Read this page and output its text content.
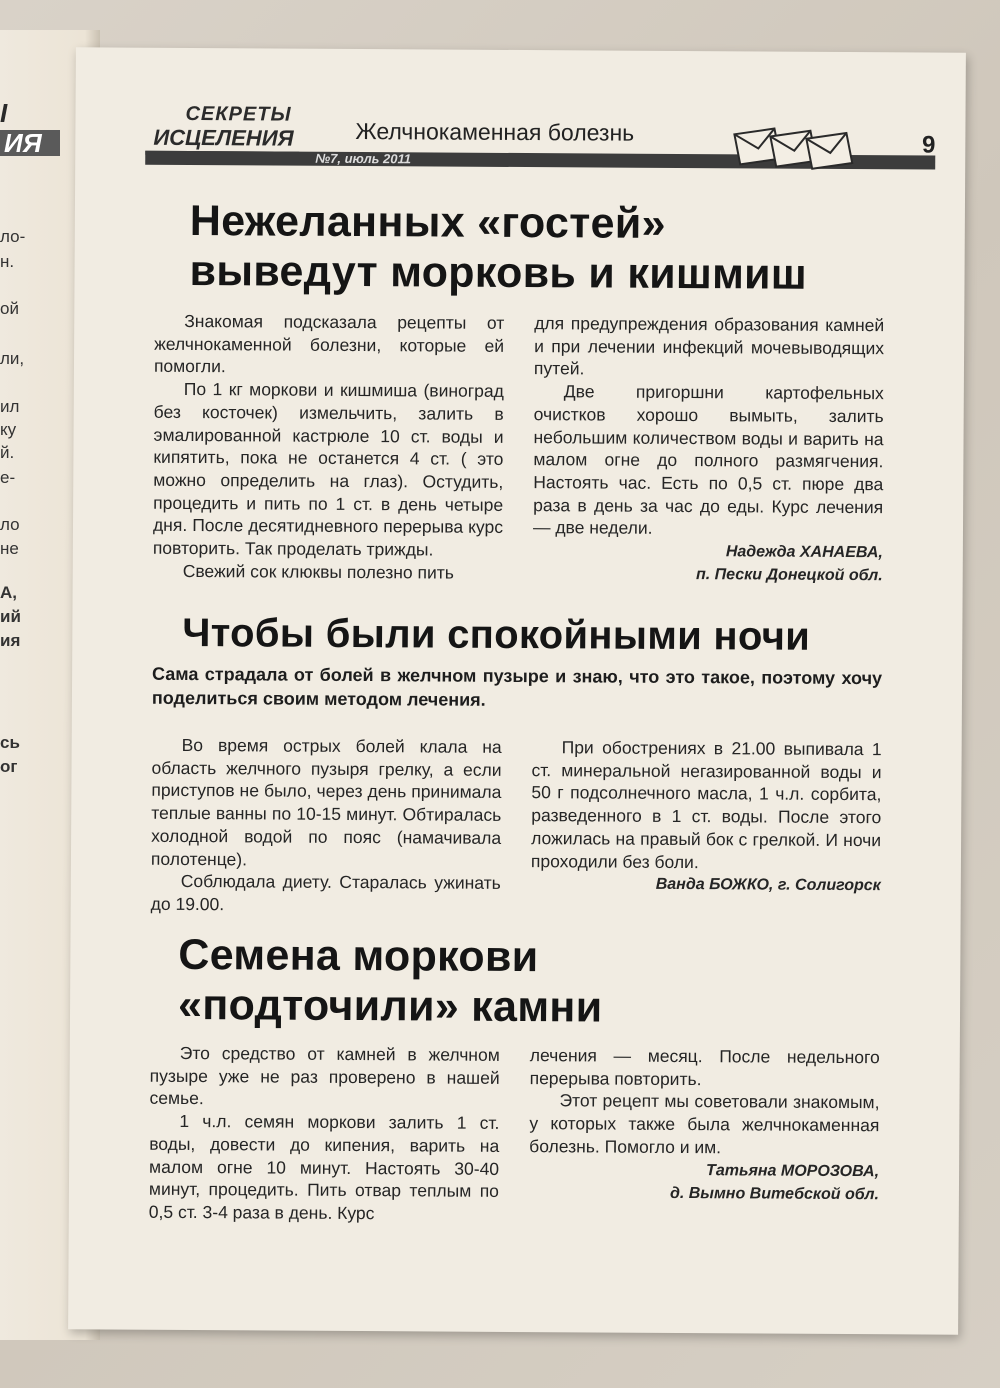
I
ИЯ
ло-
н.
ой
ли,
ил
ку
й.
е-
ло
не
А,
ий
ия
сь
ог
СЕКРЕТЫ
ИСЦЕЛЕНИЯ	Желчнокаменная болезнь
№7, июль 2011
9
Нежеланных «гостей»
выведут морковь и кишмиш

Знакомая подсказала рецепты от желчнокаменной болезни, которые ей помогли.

По 1 кг моркови и кишмиша (виноград без косточек) измельчить, залить в эмалированной кастрюле 10 ст. воды и кипятить, пока не останется 4 ст. ( это можно определить на глаз). Остудить, процедить и пить по 1 ст. в день четыре дня. После десятидневного перерыва курс повторить. Так проделать трижды.

Свежий сок клюквы полезно пить

для предупреждения образования камней и при лечении инфекций мочевыводящих путей.

Две пригоршни картофельных очистков хорошо вымыть, залить небольшим количеством воды и варить на малом огне до полного размягчения. Настоять час. Есть по 0,5 ст. пюре два раза в день за час до еды. Курс лечения — две недели.

Надежда ХАНАЕВА,
п. Пески Донецкой обл.
Чтобы были спокойными ночи
Сама страдала от болей в желчном пузыре и знаю, что это такое, поэтому хочу поделиться своим методом лечения.

Во время острых болей клала на область желчного пузыря грелку, а если приступов не было, через день принимала теплые ванны по 10-15 минут. Обтиралась холодной водой по пояс (намачивала полотенце).

Соблюдала диету. Старалась ужинать до 19.00.

При обострениях в 21.00 выпивала 1 ст. минеральной негазированной воды и 50 г подсолнечного масла, 1 ч.л. сорбита, разведенного в 1 ст. воды. После этого ложилась на правый бок с грелкой. И ночи проходили без боли.

Ванда БОЖКО, г. Солигорск
Семена моркови
«подточили» камни

Это средство от камней в желчном пузыре уже не раз проверено в нашей семье.

1 ч.л. семян моркови залить 1 ст. воды, довести до кипения, варить на малом огне 10 минут. Настоять 30-40 минут, процедить. Пить отвар теплым по 0,5 ст. 3-4 раза в день. Курс

лечения — месяц. После недельного перерыва повторить.

Этот рецепт мы советовали знакомым, у которых также была желчнокаменная болезнь. Помогло и им.

Татьяна МОРОЗОВА,
д. Вымно Витебской обл.
